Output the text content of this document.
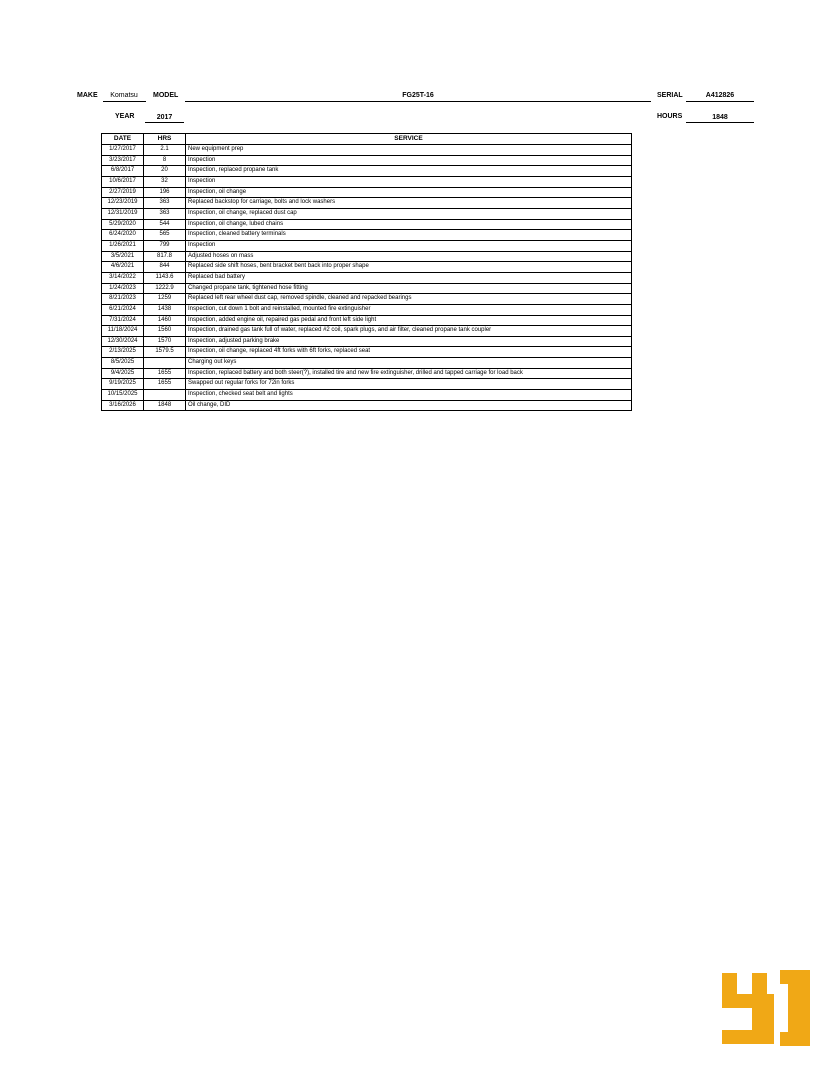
MAKE	Komatsu	MODEL	FG25T-16	SERIAL	A412826
YEAR	2017	HOURS	1848
DATE	HRS	SERVICE
1/27/2017	2.1	New equipment prep
3/23/2017	8	Inspection
6/8/2017	20	Inspection, replaced propane tank
10/6/2017	32	Inspection
2/27/2019	196	Inspection, oil change
12/23/2019	363	Replaced backstop for carriage, bolts and lock washers
12/31/2019	363	Inspection, oil change, replaced dust cap
5/29/2020	544	Inspection, oil change, lubed chains
6/24/2020	565	Inspection, cleaned battery terminals
1/26/2021	799	Inspection
3/5/2021	817.8	Adjusted hoses on mass
4/6/2021	844	Replaced side shift hoses, bent bracket bent back into proper shape
3/14/2022	1143.6	Replaced bad battery
1/24/2023	1222.9	Changed propane tank, tightened hose fitting
8/21/2023	1259	Replaced left rear wheel dust cap, removed spindle, cleaned and repacked bearings
6/21/2024	1438	Inspection, cut down 1 bolt and reinstalled, mounted fire extinguisher
7/31/2024	1460	Inspection, added engine oil, repaired gas pedal and front left side light
11/18/2024	1560	Inspection, drained gas tank full of water, replaced #2 coil, spark plugs, and air filter, cleaned propane tank coupler
12/30/2024	1570	Inspection, adjusted parking brake
2/13/2025	1579.5	Inspection, oil change, replaced 4ft forks with 6ft forks, replaced seat
8/5/2025		Charging out keys
9/4/2025	1655	Inspection, replaced battery and both steer(?), installed tire and new fire extinguisher, drilled and tapped carriage for load back
9/19/2025	1655	Swapped out regular forks for 72in forks
10/15/2025		Inspection, checked seat belt and lights
3/16/2026	1848	Oil change, DID
